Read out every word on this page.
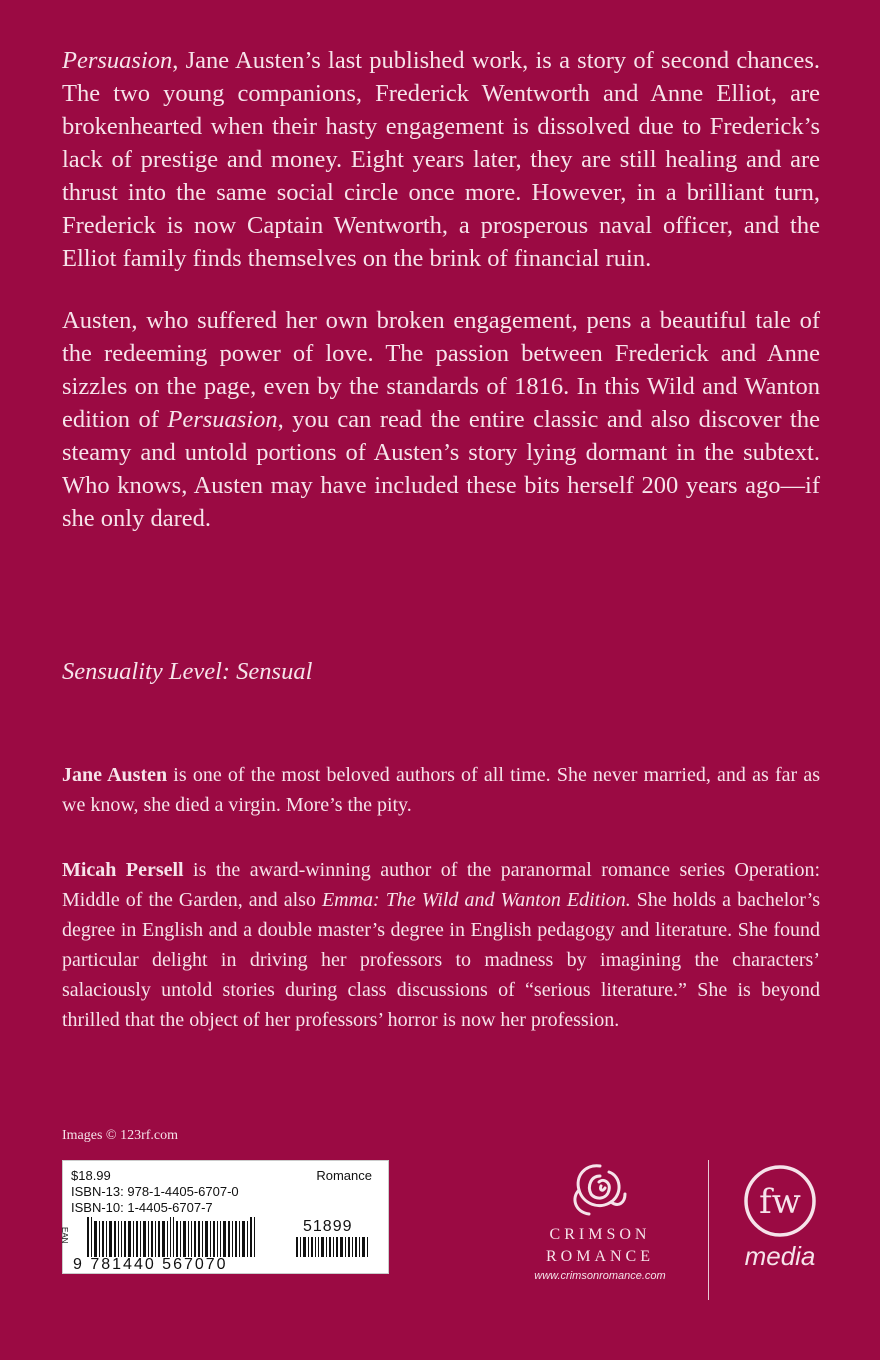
Persuasion, Jane Austen’s last published work, is a story of second chances. The two young companions, Frederick Wentworth and Anne Elliot, are brokenhearted when their hasty engagement is dissolved due to Frederick’s lack of prestige and money. Eight years later, they are still healing and are thrust into the same social circle once more. However, in a brilliant turn, Frederick is now Captain Wentworth, a prosperous naval officer, and the Elliot family finds themselves on the brink of financial ruin.

Austen, who suffered her own broken engagement, pens a beautiful tale of the redeeming power of love. The passion between Frederick and Anne sizzles on the page, even by the standards of 1816. In this Wild and Wanton edition of Persuasion, you can read the entire classic and also discover the steamy and untold portions of Austen’s story lying dormant in the subtext. Who knows, Austen may have included these bits herself 200 years ago—if she only dared.

Sensuality Level: Sensual

Jane Austen is one of the most beloved authors of all time. She never married, and as far as we know, she died a virgin. More’s the pity.

Micah Persell is the award-winning author of the paranormal romance series Operation: Middle of the Garden, and also Emma: The Wild and Wanton Edition. She holds a bachelor’s degree in English and a double master’s degree in English pedagogy and literature. She found particular delight in driving her professors to madness by imagining the characters’ salaciously untold stories during class discussions of “serious literature.” She is beyond thrilled that the object of her professors’ horror is now her profession.

Images © 123rf.com
$18.99
ISBN-13: 978-1-4405-6707-0
ISBN-10: 1-4405-6707-7
Romance
EAN
51899
9 781440 567070
CRIMSON
ROMANCE
www.crimsonromance.com
fw
media
